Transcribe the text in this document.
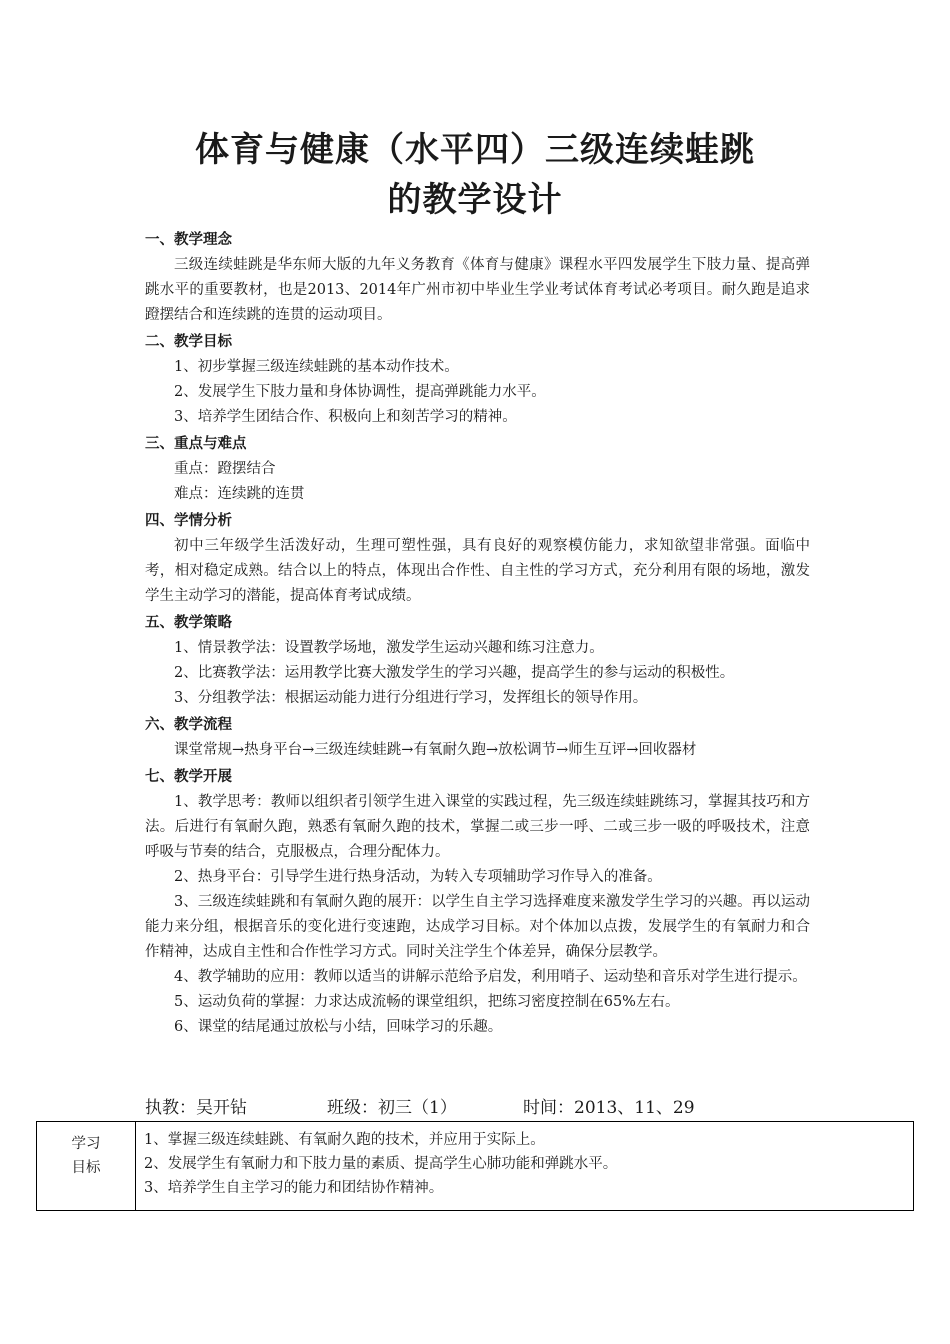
体育与健康（水平四）三级连续蛙跳
的教学设计
一、教学理念

三级连续蛙跳是华东师大版的九年义务教育《体育与健康》课程水平四发展学生下肢力量、提高弹跳水平的重要教材，也是2013、2014年广州市初中毕业生学业考试体育考试必考项目。耐久跑是追求蹬摆结合和连续跳的连贯的运动项目。

二、教学目标

1、初步掌握三级连续蛙跳的基本动作技术。

2、发展学生下肢力量和身体协调性，提高弹跳能力水平。

3、培养学生团结合作、积极向上和刻苦学习的精神。

三、重点与难点

重点：蹬摆结合

难点：连续跳的连贯

四、学情分析

初中三年级学生活泼好动，生理可塑性强，具有良好的观察模仿能力，求知欲望非常强。面临中考，相对稳定成熟。结合以上的特点，体现出合作性、自主性的学习方式，充分利用有限的场地，激发学生主动学习的潜能，提高体育考试成绩。

五、教学策略

1、情景教学法：设置教学场地，激发学生运动兴趣和练习注意力。

2、比赛教学法：运用教学比赛大激发学生的学习兴趣，提高学生的参与运动的积极性。

3、分组教学法：根据运动能力进行分组进行学习，发挥组长的领导作用。

六、教学流程

课堂常规→热身平台→三级连续蛙跳→有氧耐久跑→放松调节→师生互评→回收器材

七、教学开展

1、教学思考：教师以组织者引领学生进入课堂的实践过程，先三级连续蛙跳练习，掌握其技巧和方法。后进行有氧耐久跑，熟悉有氧耐久跑的技术，掌握二或三步一呼、二或三步一吸的呼吸技术，注意呼吸与节奏的结合，克服极点，合理分配体力。

2、热身平台：引导学生进行热身活动，为转入专项辅助学习作导入的准备。

3、三级连续蛙跳和有氧耐久跑的展开：以学生自主学习选择难度来激发学生学习的兴趣。再以运动能力来分组，根据音乐的变化进行变速跑，达成学习目标。对个体加以点拨，发展学生的有氧耐力和合作精神，达成自主性和合作性学习方式。同时关注学生个体差异，确保分层教学。

4、教学辅助的应用：教师以适当的讲解示范给予启发，利用哨子、运动垫和音乐对学生进行提示。

5、运动负荷的掌握：力求达成流畅的课堂组织，把练习密度控制在65%左右。

6、课堂的结尾通过放松与小结，回味学习的乐趣。

执教：吴开钻	班级：初三（1）	时间：2013、11、29
学习
目标

1、掌握三级连续蛙跳、有氧耐久跑的技术，并应用于实际上。
2、发展学生有氧耐力和下肢力量的素质、提高学生心肺功能和弹跳水平。
3、培养学生自主学习的能力和团结协作精神。
